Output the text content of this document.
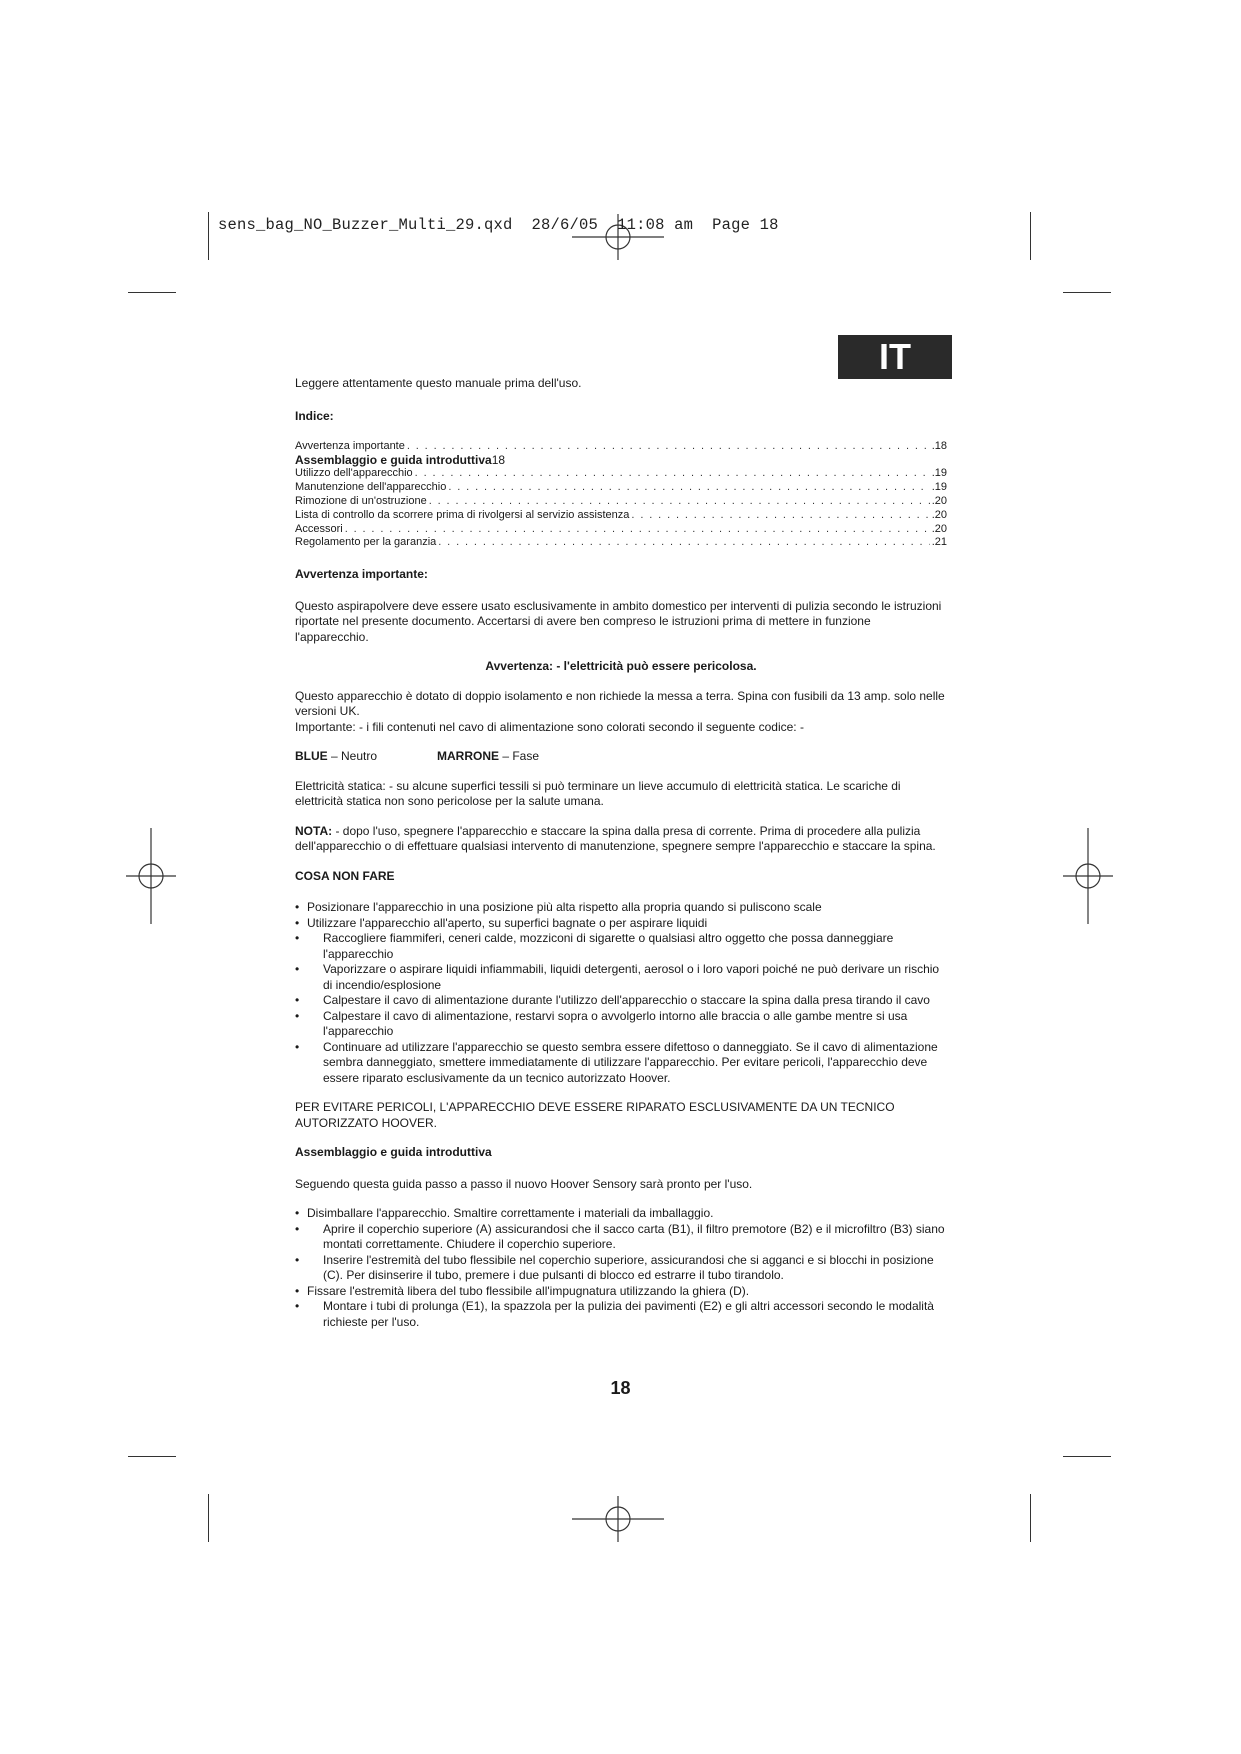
sens_bag_NO_Buzzer_Multi_29.qxd  28/6/05  11:08 am  Page 18
IT

Leggere attentamente questo manuale prima dell'uso.

Indice:
Avvertenza importante . . .	.18
Assemblaggio e guida introduttiva 18
Utilizzo dell'apparecchio . . .	.19
Manutenzione dell'apparecchio . . .	.19
Rimozione di un'ostruzione . . .	.20
Lista di controllo da scorrere prima di rivolgersi al servizio assistenza . . .	.20
Accessori . . .	.20
Regolamento per la garanzia . . .	.21
Avvertenza importante:

Questo aspirapolvere deve essere usato esclusivamente in ambito domestico per interventi di pulizia secondo le istruzioni riportate nel presente documento. Accertarsi di avere ben compreso le istruzioni prima di mettere in funzione l'apparecchio.

Avvertenza: - l'elettricità può essere pericolosa.

Questo apparecchio è dotato di doppio isolamento e non richiede la messa a terra. Spina con fusibili da 13 amp. solo nelle versioni UK.

Importante: - i fili contenuti nel cavo di alimentazione sono colorati secondo il seguente codice: -

BLUE – Neutro	MARRONE – Fase

Elettricità statica: - su alcune superfici tessili si può terminare un lieve accumulo di elettricità statica. Le scariche di elettricità statica non sono pericolose per la salute umana.

NOTA: - dopo l'uso, spegnere l'apparecchio e staccare la spina dalla presa di corrente. Prima di procedere alla pulizia dell'apparecchio o di effettuare qualsiasi intervento di manutenzione, spegnere sempre l'apparecchio e staccare la spina.

COSA NON FARE
• Posizionare l'apparecchio in una posizione più alta rispetto alla propria quando si puliscono scale
• Utilizzare l'apparecchio all'aperto, su superfici bagnate o per aspirare liquidi
• Raccogliere fiammiferi, ceneri calde, mozziconi di sigarette o qualsiasi altro oggetto che possa danneggiare l'apparecchio
• Vaporizzare o aspirare liquidi infiammabili, liquidi detergenti, aerosol o i loro vapori poiché ne può derivare un rischio di incendio/esplosione
• Calpestare il cavo di alimentazione durante l'utilizzo dell'apparecchio o staccare la spina dalla presa tirando il cavo
• Calpestare il cavo di alimentazione, restarvi sopra o avvolgerlo intorno alle braccia o alle gambe mentre si usa l'apparecchio
• Continuare ad utilizzare l'apparecchio se questo sembra essere difettoso o danneggiato. Se il cavo di alimentazione sembra danneggiato, smettere immediatamente di utilizzare l'apparecchio. Per evitare pericoli, l'apparecchio deve essere riparato esclusivamente da un tecnico autorizzato Hoover.

PER EVITARE PERICOLI, L'APPARECCHIO DEVE ESSERE RIPARATO ESCLUSIVAMENTE DA UN TECNICO AUTORIZZATO HOOVER.

Assemblaggio e guida introduttiva

Seguendo questa guida passo a passo il nuovo Hoover Sensory sarà pronto per l'uso.

• Disimballare l'apparecchio. Smaltire correttamente i materiali da imballaggio.
• Aprire il coperchio superiore (A) assicurandosi che il sacco carta (B1), il filtro premotore (B2) e il microfiltro (B3) siano montati correttamente. Chiudere il coperchio superiore.
• Inserire l'estremità del tubo flessibile nel coperchio superiore, assicurandosi che si agganci e si blocchi in posizione (C). Per disinserire il tubo, premere i due pulsanti di blocco ed estrarre il tubo tirandolo.
• Fissare l'estremità libera del tubo flessibile all'impugnatura utilizzando la ghiera (D).
• Montare i tubi di prolunga (E1), la spazzola per la pulizia dei pavimenti (E2) e gli altri accessori secondo le modalità richieste per l'uso.
18
